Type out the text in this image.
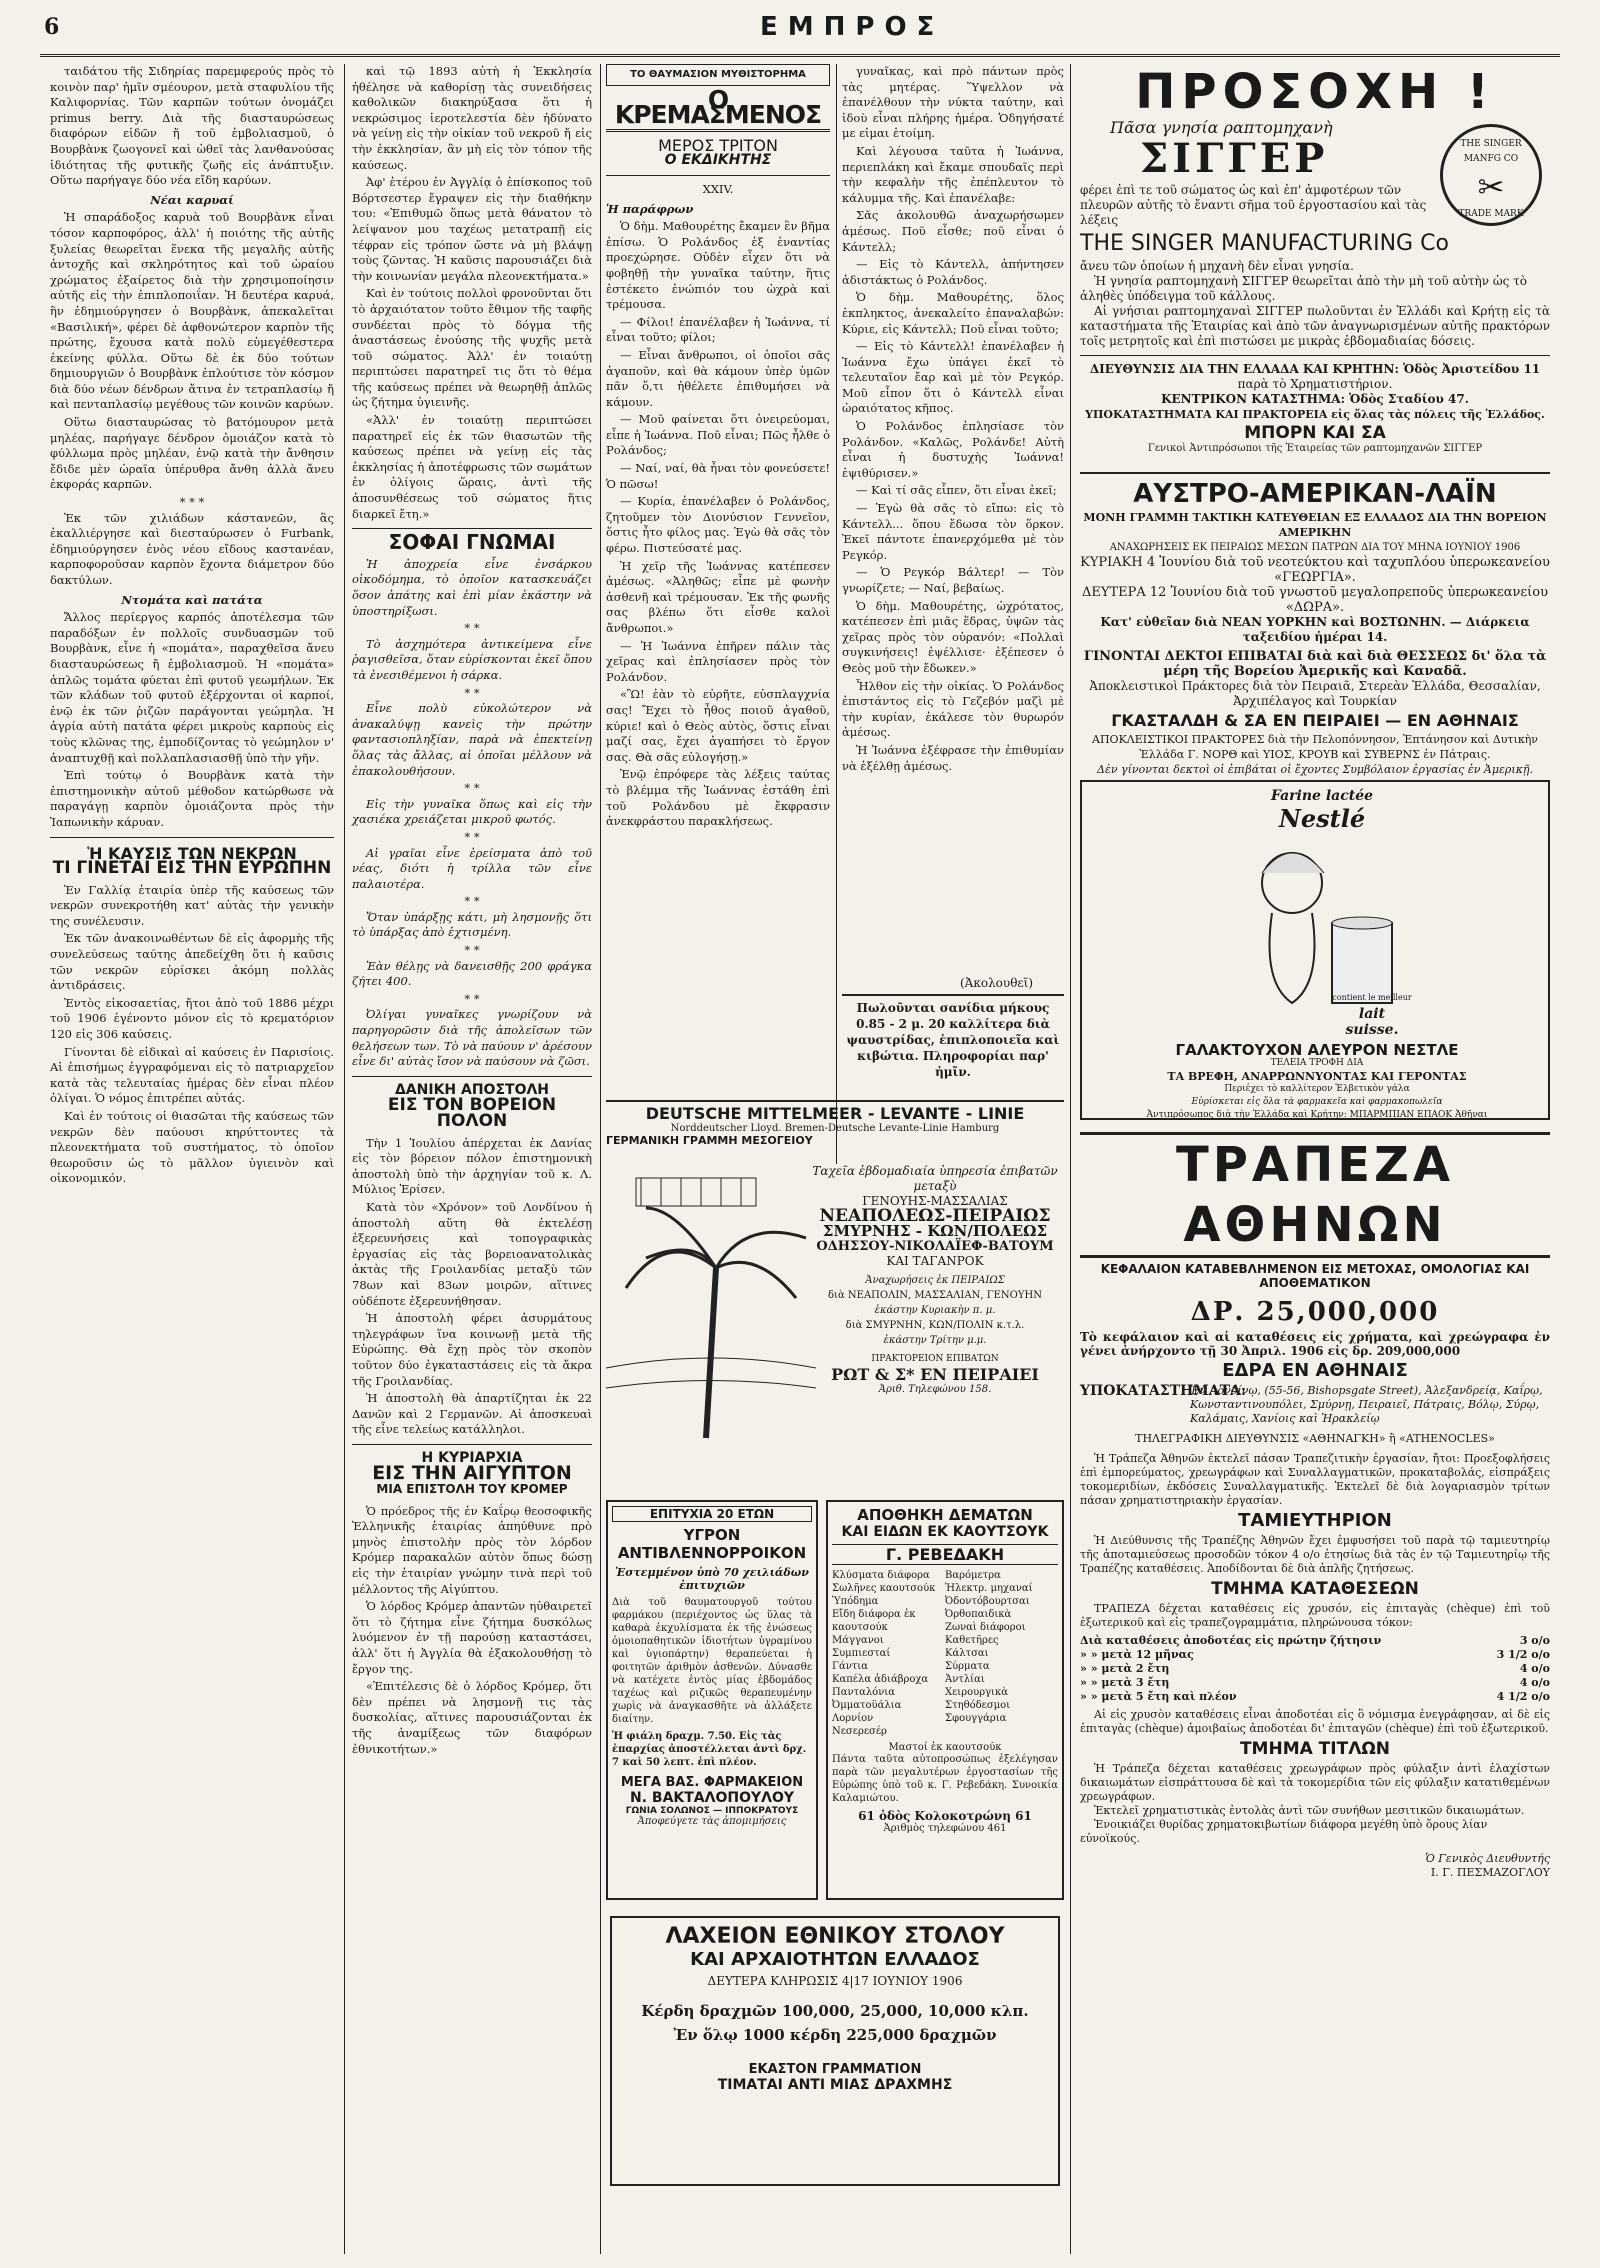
6	ΕΜΠΡΟΣ

ταιδάτου τῆς Σιδηρίας παρεμφερούς πρὸς τὸ κοινὸν παρ' ἡμῖν σμέουρον, μετὰ σταφυλίου τῆς Καλιφορνίας. Τῶν καρπῶν τούτων ὀνομάζει primus berry. Διὰ τῆς διασταυρώσεως διαφόρων εἰδῶν ἤ τοῦ ἐμβολιασμοῦ, ὁ Βουρβὰνκ ζωογονεῖ καὶ ὠθεῖ τὰς λανθανούσας ἰδιότητας τῆς φυτικῆς ζωῆς εἰς ἀνάπτυξιν. Οὕτω παρήγαγε δύο νέα εἴδη καρύων.

Νέαι καρυαί

Ἡ σπαράδοξος καρυὰ τοῦ Βουρβὰνκ εἶναι τόσον καρποφόρος, ἀλλ' ἡ ποιότης τῆς αὐτῆς ξυλείας θεωρεῖται ἕνεκα τῆς μεγαλῆς αὐτῆς ἀντοχῆς καὶ σκληρότητος καὶ τοῦ ὡραίου χρώματος ἐξαίρετος διὰ τὴν χρησιμοποίησιν αὐτῆς εἰς τὴν ἐπιπλοποιΐαν. Ἡ δευτέρα καρυά, ἣν ἐδημιούργησεν ὁ Βουρβὰνκ, ἀπεκαλεῖται «Βασιλική», φέρει δὲ ἀφθονώτερον καρπὸν τῆς πρώτης, ἔχουσα κατὰ πολὺ εὐμεγέθεστερα ἐκείνης φύλλα. Οὕτω δὲ ἐκ δύο τούτων δημιουργιῶν ὁ Βουρβὰνκ ἐπλούτισε τὸν κόσμον διὰ δύο νέων δένδρων ἄτινα ἐν τετραπλασίῳ ἤ καὶ πενταπλασίῳ μεγέθους τῶν κοινῶν καρύων.

Οὕτω διασταυρώσας τὸ βατόμουρον μετὰ μηλέας, παρήγαγε δένδρον ὁμοιάζον κατὰ τὸ φύλλωμα πρὸς μηλέαν, ἐνῷ κατὰ τὴν ἄνθησιν ἔδιδε μὲν ὡραῖα ὑπέρυθρα ἄνθη ἀλλὰ ἄνευ ἐκφοράς καρπῶν.

* * *

Ἐκ τῶν χιλιάδων κάστανεῶν, ἃς ἐκαλλιέργησε καὶ διεσταύρωσεν ὁ Furbank, ἐδημιούργησεν ἑνὸς νέου εἴδους καστανέαν, καρποφοροῦσαν καρπὸν ἔχοντα διάμετρον δύο δακτύλων.

Ντομάτα καὶ πατάτα

Ἄλλος περίεργος καρπός ἀποτέλεσμα τῶν παραδόξων ἐν πολλοῖς συνδυασμῶν τοῦ Βουρβὰνκ, εἶνε ἡ «πομάτα», παραχθεῖσα ἄνευ διασταυρώσεως ἤ ἐμβολιασμοῦ. Ἡ «πομάτα» ἁπλῶς τομάτα φύεται ἐπὶ φυτοῦ γεωμήλων. Ἐκ τῶν κλάδων τοῦ φυτοῦ ἐξέρχονται οἱ καρποί, ἐνῷ ἐκ τῶν ῥιζῶν παράγονται γεώμηλα. Ἡ ἀγρία αὐτὴ πατάτα φέρει μικροὺς καρποὺς εἰς τοὺς κλῶνας της, ἐμποδίζοντας τὸ γεώμηλον ν' ἀναπτυχθῇ καὶ πολλαπλασιασθῇ ὑπὸ τὴν γῆν.

Ἐπὶ τούτῳ ὁ Βουρβὰνκ κατὰ τὴν ἐπιστημονικὴν αὐτοῦ μέθοδον κατώρθωσε νὰ παραγάγῃ καρπὸν ὁμοιάζοντα πρὸς τὴν Ἰαπωνικὴν κάρυαν.

Ἡ ΚΑΥΣΙΣ ΤΩΝ ΝΕΚΡΩΝ
ΤΙ ΓΙΝΕΤΑΙ ΕΙΣ ΤΗΝ ΕΥΡΩΠΗΝ

Ἐν Γαλλίᾳ ἑταιρία ὑπὲρ τῆς καύσεως τῶν νεκρῶν συνεκροτήθη κατ' αὐτὰς τὴν γενικὴν της συνέλευσιν.

Ἐκ τῶν ἀνακοινωθέντων δὲ εἰς ἀφορμὴς τῆς συνελεύσεως ταύτης ἀπεδείχθη ὅτι ἡ καῦσις τῶν νεκρῶν εὑρίσκει ἀκόμη πολλὰς ἀντιδράσεις.

Ἐντὸς εἰκοσαετίας, ἤτοι ἀπὸ τοῦ 1886 μέχρι τοῦ 1906 ἐγένοντο μόνον εἰς τὸ κρεματόριον 120 εἰς 306 καύσεις.

Γίνονται δὲ εἰδικαὶ αἱ καύσεις ἐν Παρισίοις. Αἱ ἐπισήμως ἐγγραφόμεναι εἰς τὸ πατριαρχεῖον κατὰ τὰς τελευταίας ἡμέρας δὲν εἶναι πλέον ὀλίγαι. Ὁ νόμος ἐπιτρέπει αὐτάς.

Καὶ ἐν τούτοις οἱ θιασῶται τῆς καύσεως τῶν νεκρῶν δὲν παύουσι κηρύττοντες τὰ πλεονεκτήματα τοῦ συστήματος, τὸ ὁποῖον θεωροῦσιν ὡς τὸ μᾶλλον ὑγιεινὸν καὶ οἰκονομικόν.

καὶ τῷ 1893 αὐτὴ ἡ Ἐκκλησία ἠθέλησε νὰ καθορίσῃ τὰς συνειδήσεις καθολικῶν διακηρύξασα ὅτι ἡ νεκρώσιμος ἱεροτελεστία δὲν ἠδύνατο νὰ γείνῃ εἰς τὴν οἰκίαν τοῦ νεκροῦ ἤ εἰς τὴν ἐκκλησίαν, ἂν μὴ εἰς τὸν τόπον τῆς καύσεως.

Ἀφ' ἑτέρου ἐν Ἀγγλίᾳ ὁ ἐπίσκοπος τοῦ Βόρτσεστερ ἔγραψεν εἰς τὴν διαθήκην του: «Ἐπιθυμῶ ὅπως μετὰ θάνατον τὸ λείψανον μου ταχέως μετατραπῇ εἰς τέφραν εἰς τρόπον ὥστε νὰ μὴ βλάψῃ τοὺς ζῶντας. Ἡ καῦσις παρουσιάζει διὰ τὴν κοινωνίαν μεγάλα πλεονεκτήματα.»

Καὶ ἐν τούτοις πολλοὶ φρονοῦνται ὅτι τὸ ἀρχαιότατον τοῦτο ἔθιμον τῆς ταφῆς συνδέεται πρὸς τὸ δόγμα τῆς ἀναστάσεως ἐνούσης τῆς ψυχῆς μετὰ τοῦ σώματος. Ἀλλ' ἐν τοιαύτῃ περιπτώσει παρατηρεῖ τις ὅτι τὸ θέμα τῆς καύσεως πρέπει νὰ θεωρηθῇ ἁπλῶς ὡς ζήτημα ὑγιεινῆς.

«Ἀλλ' ἐν τοιαύτῃ περιπτώσει παρατηρεῖ εἰς ἐκ τῶν θιασωτῶν τῆς καύσεως πρέπει νὰ γείνῃ εἰς τὰς ἐκκλησίας ἡ ἀποτέφρωσις τῶν σωμάτων ἐν ὀλίγοις ὥραις, ἀντὶ τῆς ἀποσυνθέσεως τοῦ σώματος ἥτις διαρκεῖ ἔτη.»

ΣΟΦΑΙ ΓΝΩΜΑΙ

Ἡ ἀποχρεία εἶνε ἐνσάρκου οἰκοδόμημα, τὸ ὁποῖον κατασκευάζει ὅσον ἀπάτης καὶ ἐπὶ μίαν ἑκάστην νὰ ὑποστηρίξωσι.

* *

Τὸ ἀσχημότερα ἀντικείμενα εἶνε ῥαγισθεῖσα, ὅταν εὑρίσκονται ἐκεῖ ὅπου τὰ ἐνεσιθέμενοι ἡ σάρκα.

* *

Εἶνε πολὺ εὐκολώτερον νὰ ἀνακαλύψῃ κανεὶς τὴν πρώτην φαντασιοπληξίαν, παρὰ νὰ ἐπεκτείνῃ ὅλας τὰς ἄλλας, αἱ ὁποῖαι μέλλουν νὰ ἐπακολουθήσουν.

* *

Εἰς τὴν γυναῖκα ὅπως καὶ εἰς τὴν χασιέκα χρειάζεται μικροῦ φωτός.

* *

Αἱ γραῖαι εἶνε ἐρείσματα ἀπὸ τοῦ νέας, διότι ἡ τρίλλα τῶν εἶνε παλαιοτέρα.

* *

Ὅταν ὑπάρξῃς κάτι, μὴ λησμονῇς ὅτι τὸ ὑπάρξας ἀπὸ ἐχτισμένη.

* *

Ἐὰν θέλῃς νὰ δανεισθῇς 200 φράγκα ζήτει 400.

* *

Ὀλίγαι γυναῖκες γνωρίζουν νὰ παρηγορῶσιν διὰ τῆς ἀπολεῖσων τῶν θελήσεων των. Τὸ νὰ παύουν ν' ἀρέσουν εἶνε δι' αὐτὰς ἴσον νὰ παύσουν νὰ ζῶσι.

ΔΑΝΙΚΗ ΑΠΟΣΤΟΛΗ
ΕΙΣ ΤΟΝ ΒΟΡΕΙΟΝ ΠΟΛΟΝ

Τὴν 1 Ἰουλίου ἀπέρχεται ἐκ Δανίας εἰς τὸν βόρειον πόλον ἐπιστημονικὴ ἀποστολὴ ὑπὸ τὴν ἀρχηγίαν τοῦ κ. Λ. Μύλιος Ἐρίσεν.

Κατὰ τὸν «Χρόνον» τοῦ Λονδίνου ἡ ἀποστολὴ αὕτη θὰ ἐκτελέσῃ ἐξερευνήσεις καὶ τοπογραφικὰς ἐργασίας εἰς τὰς βορειοανατολικὰς ἀκτὰς τῆς Γροιλανδίας μεταξὺ τῶν 78ων καὶ 83ων μοιρῶν, αἵτινες οὐδέποτε ἐξερευνήθησαν.

Ἡ ἀποστολὴ φέρει ἀσυρμάτους τηλεγράφων ἵνα κοινωνῇ μετὰ τῆς Εὐρώπης. Θὰ ἔχῃ πρὸς τὸν σκοπὸν τοῦτον δύο ἐγκαταστάσεις εἰς τὰ ἄκρα τῆς Γροιλανδίας.

Ἡ ἀποστολὴ θὰ ἀπαρτίζηται ἐκ 22 Δανῶν καὶ 2 Γερμανῶν. Αἱ ἀποσκευαὶ τῆς εἶνε τελείως κατάλληλοι.

Η ΚΥΡΙΑΡΧΙΑ
ΕΙΣ ΤΗΝ ΑΙΓΥΠΤΟΝ
ΜΙΑ ΕΠΙΣΤΟΛΗ ΤΟΥ ΚΡΟΜΕΡ

Ὁ πρόεδρος τῆς ἐν Καΐρῳ θεοσοφικῆς Ἑλληνικῆς ἑταιρίας ἀπηύθυνε πρὸ μηνὸς ἐπιστολὴν πρὸς τὸν λόρδον Κρόμερ παρακαλῶν αὐτὸν ὅπως δώσῃ εἰς τὴν ἑταιρίαν γνώμην τινὰ περὶ τοῦ μέλλοντος τῆς Αἰγύπτου.

Ὁ λόρδος Κρόμερ ἀπαντῶν ηὐθαιρετεῖ ὅτι τὸ ζήτημα εἶνε ζήτημα δυσκόλως λυόμενον ἐν τῇ παρούσῃ καταστάσει, ἀλλ' ὅτι ἡ Ἀγγλία θὰ ἐξακολουθήσῃ τὸ ἔργον της.

«Ἐπιτέλεσις δὲ ὁ λόρδος Κρόμερ, ὅτι δὲν πρέπει νὰ λησμονῇ τις τὰς δυσκολίας, αἵτινες παρουσιάζονται ἐκ τῆς ἀναμίξεως τῶν διαφόρων ἐθνικοτήτων.»

ΤΟ ΘΑΥΜΑΣΙΟΝ ΜΥΘΙΣΤΟΡΗΜΑ
Ο ΚΡΕΜΑΣΜΕΝΟΣ
ΜΕΡΟΣ ΤΡΙΤΟΝ
Ο ΕΚΔΙΚΗΤΗΣ
XXIV.
Ἡ παράφρων

Ὁ δὴμ. Μαθουρέτης ἔκαμεν ἓν βῆμα ἐπίσω. Ὁ Ρολάνδος ἐξ ἐναντίας προεχώρησε. Οὐδὲν εἶχεν ὅτι νὰ φοβηθῇ τὴν γυναῖκα ταύτην, ἥτις ἐστέκετο ἐνώπιόν του ὠχρὰ καὶ τρέμουσα.

— Φίλοι! ἐπανέλαβεν ἡ Ἰωάννα, τί εἶναι τοῦτο; φίλοι;

— Εἶναι ἄνθρωποι, οἱ ὁποῖοι σᾶς ἀγαποῦν, καὶ θὰ κάμουν ὑπὲρ ὑμῶν πᾶν ὅ,τι ἠθέλετε ἐπιθυμήσει νὰ κάμουν.

— Μοῦ φαίνεται ὅτι ὀνειρεύομαι, εἶπε ἡ Ἰωάννα. Ποῦ εἶναι; Πῶς ἦλθε ὁ Ρολάνδος;

— Ναί, ναί, θὰ ἦναι τὸν φονεύσετε! Ὁ πῶσω!

— Κυρία, ἐπανέλαβεν ὁ Ρολάνδος, ζητοῦμεν τὸν Διονύσιον Γεννεῖον, ὅστις ἦτο φίλος μας. Ἐγὼ θὰ σᾶς τὸν φέρω. Πιστεύσατέ μας.

Ἡ χεῖρ τῆς Ἰωάννας κατέπεσεν ἀμέσως. «Ἀληθῶς; εἶπε μὲ φωνὴν ἀσθενῆ καὶ τρέμουσαν. Ἐκ τῆς φωνῆς σας βλέπω ὅτι εἶσθε καλοὶ ἄνθρωποι.»

— Ἡ Ἰωάννα ἐπῆρεν πάλιν τὰς χεῖρας καὶ ἐπλησίασεν πρὸς τὸν Ρολάνδον.

«Ὢ! ἐὰν τὸ εὑρῆτε, εὐσπλαγχνία σας! Ἔχει τὸ ἦθος ποιοῦ ἀγαθοῦ, κύριε! καὶ ὁ Θεὸς αὐτὸς, ὅστις εἶναι μαζί σας, ἔχει ἀγαπήσει τὸ ἔργον σας. Θὰ σᾶς εὐλογήσῃ.»

Ἐνῷ ἐπρόφερε τὰς λέξεις ταύτας τὸ βλέμμα τῆς Ἰωάννας ἐστάθη ἐπὶ τοῦ Ρολάνδου μὲ ἔκφρασιν ἀνεκφράστου παρακλήσεως.

γυναῖκας, καὶ πρὸ πάντων πρὸς τὰς μητέρας. Ὕψελλον νὰ ἐπανέλθουν τὴν νύκτα ταύτην, καὶ ἰδοὺ εἶναι πλήρης ἡμέρα. Ὁδηγήσατέ με εἰμαι ἑτοίμη.

Καὶ λέγουσα ταῦτα ἡ Ἰωάννα, περιεπλάκη καὶ ἔκαμε σπουδαῖς περὶ τὴν κεφαλὴν τῆς ἐπέπλευτον τὸ κάλυμμα τῆς. Καὶ ἐπανέλαβε:

Σᾶς ἀκολουθῶ ἀναχωρήσωμεν ἀμέσως. Ποῦ εἶσθε; ποῦ εἶναι ὁ Κάντελλ;

— Εἰς τὸ Κάντελλ, ἀπήντησεν ἀδιστάκτως ὁ Ρολάνδος.

Ὁ δὴμ. Μαθουρέτης, ὅλος ἐκπληκτος, ἀνεκαλείτο ἐπαναλαβών: Κύριε, εἰς Κάντελλ; Ποῦ εἶναι τοῦτο;

— Εἰς τὸ Κάντελλ! ἐπανέλαβεν ἡ Ἰωάννα ἔχω ὑπάγει ἐκεῖ τὸ τελευταῖον ἔαρ καὶ μὲ τὸν Ρεγκόρ. Μοῦ εἶπον ὅτι ὁ Κάντελλ εἶναι ὡραιότατος κῆπος.

Ὁ Ρολάνδος ἐπλησίασε τὸν Ρολάνδον. «Καλῶς, Ρολάνδε! Αὐτὴ εἶναι ἡ δυστυχὴς Ἰωάννα! ἐψιθύρισεν.»

— Καὶ τί σᾶς εἶπεν, ὅτι εἶναι ἐκεῖ;

— Ἐγὼ θὰ σᾶς τὸ εἴπω: εἰς τὸ Κάντελλ... ὅπου ἔδωσα τὸν ὅρκον. Ἐκεῖ πάντοτε ἐπανερχόμεθα μὲ τὸν Ρεγκόρ.

— Ὁ Ρεγκόρ Βάλτερ! — Τὸν γνωρίζετε; — Ναί, βεβαίως.

Ὁ δὴμ. Μαθουρέτης, ὠχρότατος, κατέπεσεν ἐπὶ μιᾶς ἕδρας, ὑψῶν τὰς χεῖρας πρὸς τὸν οὐρανόν: «Πολλαὶ συγκινήσεις! ἐψέλλισε· ἐξέπεσεν ὁ Θεὸς μοῦ τὴν ἔδωκεν.»

Ἦλθον εἰς τὴν οἰκίας. Ὁ Ρολάνδος ἐπιστάντος εἰς τὸ Γεζεβόν μαζὶ μὲ τὴν κυρίαν, ἐκάλεσε τὸν θυρωρόν ἀμέσως.

Ἡ Ἰωάννα ἐξέφρασε τὴν ἐπιθυμίαν νὰ ἐξέλθῃ ἀμέσως.

(Ἀκολουθεῖ)
Πωλοῦνται σανίδια μήκους 0.85 - 2 μ. 20 καλλίτερα διὰ ψαυστρίδας, ἐπιπλοποιεῖα καὶ κιβώτια. Πληροφορίαι παρ' ἡμῖν.
DEUTSCHE MITTELMEER - LEVANTE - LINIE
Norddeutscher Lloyd. Bremen-Deutsche Levante-Linie Hamburg
ΓΕΡΜΑΝΙΚΗ ΓΡΑΜΜΗ ΜΕΣΟΓΕΙΟΥ
Ταχεῖα ἑβδομαδιαία ὑπηρεσία ἐπιβατῶν μεταξὺ
ΓΕΝΟΥΗΣ-ΜΑΣΣΑΛΙΑΣ
ΝΕΑΠΟΛΕΩΣ-ΠΕΙΡΑΙΩΣ
ΣΜΥΡΝΗΣ - ΚΩΝ/ΠΟΛΕΩΣ
ΟΔΗΣΣΟΥ-ΝΙΚΟΛΑΪΕΦ-ΒΑΤΟΥΜ
ΚΑΙ ΤΑΓΑΝΡΟΚ
Ἀναχωρήσεις ἐκ ΠΕΙΡΑΙΩΣ
διὰ ΝΕΑΠΟΛΙΝ, ΜΑΣΣΑΛΙΑΝ, ΓΕΝΟΥΗΝ
ἑκάστην Κυριακὴν π. μ.
διὰ ΣΜΥΡΝΗΝ, ΚΩΝ/ΠΟΛΙΝ κ.τ.λ.
ἑκάστην Τρίτην μ.μ.
ΠΡΑΚΤΟΡΕΙΟΝ ΕΠΙΒΑΤΩΝ
ΡΩΤ & Σ* ΕΝ ΠΕΙΡΑΙΕΙ
Ἀριθ. Τηλεφώνου 158.
ΕΠΙΤΥΧΙΑ 20 ΕΤΩΝ
ΥΓΡΟΝ ΑΝΤΙΒΛΕΝΝΟΡΡΟΙΚΟΝ
Ἐστεμμένον ὑπὸ 70 χειλιάδων ἐπιτυχιῶν
Διὰ τοῦ θαυματουργοῦ τούτου φαρμάκου (περιέχοντος ὡς ὕλας τὰ καθαρὰ ἐκχυλίσματα ἐκ τῆς ἐνώσεως ὁμοιοπαθητικῶν ἰδιοτήτων ὑγραμίνου καὶ ὑγιοπάρτην) θεραπεύεται ἡ φοιτητῶν ἀριθμὸν ἀσθενῶν. Δύνασθε νὰ κατέχετε ἐντὸς μίας ἑβδομάδος ταχέως καὶ ριζικῶς θεραπευμένην χωρὶς νὰ ἀναγκασθῆτε νὰ ἀλλάξετε διαίτην.
Ἡ φιάλη δραχμ. 7.50. Εἰς τὰς ἐπαρχίας ἀποστέλλεται ἀντὶ δρχ. 7 καὶ 50 λεπτ. ἐπὶ πλέον.
ΜΕΓΑ ΒΑΣ. ΦΑΡΜΑΚΕΙΟΝ
Ν. ΒΑΚΤΑΛΟΠΟΥΛΟΥ
ΓΩΝΙΑ ΣΟΛΩΝΟΣ — ΙΠΠΟΚΡΑΤΟΥΣ
Ἀποφεύγετε τὰς ἀπομιμήσεις
ΑΠΟΘΗΚΗ ΔΕΜΑΤΩΝ
ΚΑΙ ΕΙΔΩΝ ΕΚ ΚΑΟΥΤΣΟΥΚ
Γ. ΡΕΒΕΔΑΚΗ
Κλύσματα διάφορα
Σωλῆνες καουτσούκ
Ὑπόδημα
Εἴδη διάφορα ἐκ καουτσούκ
Μάγγανοι
Συμπιεσταί
Γάντια
Καπέλα ἀδιάβροχα
Πανταλόνια
Ὀμματοϋάλια
Λορνίον
Νεσερεσέρ
Βαρόμετρα
Ἠλεκτρ. μηχαναί
Ὀδοντόβουρτσαι
Ὀρθοπαιδικὰ
Ζωναὶ διάφοροι
Καθετῆρες
Κάλτσαι
Σύρματα
Ἀντλίαι
Χειρουργικὰ
Στηθόδεσμοι
Σφουγγάρια
Μαστοί ἐκ καουτσούκ
Πάντα ταῦτα αὐτοπροσώπως ἐξελέγησαν παρὰ τῶν μεγαλυτέρων ἐργοστασίων τῆς Εὐρώπης ὑπὸ τοῦ κ. Γ. Ρεβεδάκη. Συνοικία Καλαμιώτου.
61 ὁδὸς Κολοκοτρώνη 61
Ἀριθμὸς τηλεφώνου 461
ΛΑΧΕΙΟΝ ΕΘΝΙΚΟΥ ΣΤΟΛΟΥ
ΚΑΙ ΑΡΧΑΙΟΤΗΤΩΝ ΕΛΛΑΔΟΣ
ΔΕΥΤΕΡΑ ΚΛΗΡΩΣΙΣ 4|17 ΙΟΥΝΙΟΥ 1906
Κέρδη δραχμῶν 100,000, 25,000, 10,000 κλπ.
Ἐν ὅλῳ 1000 κέρδη 225,000 δραχμῶν
ΕΚΑΣΤΟΝ ΓΡΑΜΜΑΤΙΟΝ
ΤΙΜΑΤΑΙ ΑΝΤΙ ΜΙΑΣ ΔΡΑΧΜΗΣ
ΠΡΟΣΟΧΗ !
THE SINGER MANFG CO
✂
TRADE MARK
Πᾶσα γνησία ραπτομηχανὴ
ΣΙΓΓΕΡ
φέρει ἐπὶ τε τοῦ σώματος ὡς καὶ ἐπ' ἀμφοτέρων τῶν πλευρῶν αὐτῆς τὸ ἔναντι σῆμα τοῦ ἐργοστασίου καὶ τὰς λέξεις
THE SINGER MANUFACTURING Co
ἄνευ τῶν ὁποίων ἡ μηχανὴ δὲν εἶναι γνησία.
Ἡ γνησία ραπτομηχανὴ ΣΙΓΓΕΡ θεωρεῖται ἀπὸ τὴν μὴ τοῦ αὐτὴν ὡς τὸ ἀληθὲς ὑπόδειγμα τοῦ κάλλους.
Αἱ γνήσιαι ραπτομηχαναὶ ΣΙΓΓΕΡ πωλοῦνται ἐν Ἑλλάδι καὶ Κρήτῃ εἰς τὰ καταστήματα τῆς Ἑταιρίας καὶ ἀπὸ τῶν ἀναγνωρισμένων αὐτῆς πρακτόρων τοῖς μετρητοῖς καὶ ἐπὶ πιστώσει με μικρὰς ἑβδομαδιαίας δόσεις.
ΔΙΕΥΘΥΝΣΙΣ ΔΙΑ ΤΗΝ ΕΛΛΑΔΑ ΚΑΙ ΚΡΗΤΗΝ: Ὁδὸς Ἀριστείδου 11
παρὰ τὸ Χρηματιστήριον.
ΚΕΝΤΡΙΚΟΝ ΚΑΤΑΣΤΗΜΑ: Ὁδὸς Σταδίου 47.
ΥΠΟΚΑΤΑΣΤΗΜΑΤΑ ΚΑΙ ΠΡΑΚΤΟΡΕΙΑ εἰς ὅλας τὰς πόλεις τῆς Ἑλλάδος.
ΜΠΟΡΝ ΚΑΙ ΣΑ
Γενικοὶ Ἀντιπρόσωποι τῆς Ἑταιρείας τῶν ραπτομηχανῶν ΣΙΓΓΕΡ
ΑΥΣΤΡΟ-ΑΜΕΡΙΚΑΝ-ΛΑΪΝ
ΜΟΝΗ ΓΡΑΜΜΗ ΤΑΚΤΙΚΗ ΚΑΤΕΥΘΕΙΑΝ ΕΞ ΕΛΛΑΔΟΣ ΔΙΑ ΤΗΝ ΒΟΡΕΙΟΝ ΑΜΕΡΙΚΗΝ
ΑΝΑΧΩΡΗΣΕΙΣ ΕΚ ΠΕΙΡΑΙΩΣ ΜΕΣΩΝ ΠΑΤΡΩΝ ΔΙΑ ΤΟΥ ΜΗΝΑ ΙΟΥΝΙΟΥ 1906
ΚΥΡΙΑΚΗ 4 Ἰουνίου διὰ τοῦ νεοτεύκτου καὶ ταχυπλόου ὑπερωκεανείου «ΓΕΩΡΓΙΑ».
ΔΕΥΤΕΡΑ 12 Ἰουνίου διὰ τοῦ γνωστοῦ μεγαλοπρεποῦς ὑπερωκεανείου «ΔΩΡΑ».
Κατ' εὐθεῖαν διὰ ΝΕΑΝ ΥΟΡΚΗΝ καὶ ΒΟΣΤΩΝΗΝ. — Διάρκεια ταξειδίου ἡμέραι 14.
ΓΙΝΟΝΤΑΙ ΔΕΚΤΟΙ ΕΠΙΒΑΤΑΙ διὰ καὶ διὰ ΘΕΣΣΕΩΣ δι' ὅλα τὰ μέρη τῆς Βορείου Ἀμερικῆς καὶ Καναδᾶ.
Ἀποκλειστικοὶ Πράκτορες διὰ τὸν Πειραιᾶ, Στερεὰν Ἑλλάδα, Θεσσαλίαν, Ἀρχιπέλαγος καὶ Τουρκίαν
ΓΚΑΣΤΑΛΔΗ & ΣΑ ΕΝ ΠΕΙΡΑΙΕΙ — ΕΝ ΑΘΗΝΑΙΣ
ΑΠΟΚΛΕΙΣΤΙΚΟΙ ΠΡΑΚΤΟΡΕΣ διὰ τὴν Πελοπόννησον, Ἑπτάνησον καὶ Δυτικὴν Ἑλλάδα Γ. ΝΟΡΘ καὶ ΥΙΟΣ, ΚΡΟΥΒ καὶ ΣΥΒΕΡΝΣ ἐν Πάτραις.
Δὲν γίνονται δεκτοὶ οἱ ἐπιβάται οἱ ἔχοντες Συμβόλαιον ἐργασίας ἐν Ἀμερικῇ.
Farine lactée
Nestlé
contient le meilleur
lait suisse.
ΓΑΛΑΚΤΟΥΧΟΝ ΑΛΕΥΡΟΝ ΝΕΣΤΛΕ
ΤΕΛΕΙΑ ΤΡΟΦΗ ΔΙΑ
ΤΑ ΒΡΕΦΗ, ΑΝΑΡΡΩΝΝΥΟΝΤΑΣ ΚΑΙ ΓΕΡΟΝΤΑΣ
Περιέχει τὸ καλλίτερον Ἑλβετικὸν γάλα
Εὑρίσκεται εἰς ὅλα τὰ φαρμακεῖα καὶ φαρμακοπωλεῖα
Ἀντιπρόσωπος διὰ τὴν Ἑλλάδα καὶ Κρήτην: ΜΠΑΡΜΠΙΑΝ ΕΠΑΟΚ Ἀθῆναι
ΤΡΑΠΕΖΑ ΑΘΗΝΩΝ
ΚΕΦΑΛΑΙΟΝ ΚΑΤΑΒΕΒΛΗΜΕΝΟΝ ΕΙΣ ΜΕΤΟΧΑΣ, ΟΜΟΛΟΓΙΑΣ ΚΑΙ ΑΠΟΘΕΜΑΤΙΚΟΝ
ΔΡ. 25,000,000
Τὸ κεφάλαιον καὶ αἱ καταθέσεις εἰς χρήματα, καὶ χρεώγραφα ἐν γένει ἀνήρχοντο τῇ 30 Ἀπριλ. 1906 εἰς δρ. 209,000,000
ΕΔΡΑ ΕΝ ΑΘΗΝΑΙΣ
ΥΠΟΚΑΤΑΣΤΗΜΑΤΑ:
Ἐν Λονδίνῳ, (55-56, Bishopsgate Street), Ἀλεξανδρείᾳ, Καΐρῳ, Κωνσταντινουπόλει, Σμύρνῃ, Πειραιεῖ, Πάτραις, Βόλῳ, Σύρῳ, Καλάμαις, Χανίοις καὶ Ἡρακλείῳ
ΤΗΛΕΓΡΑΦΙΚΗ ΔΙΕΥΘΥΝΣΙΣ «ΑΘΗΝΑΓΚΗ» ἢ «ATHENOCLES»
Ἡ Τράπεζα Ἀθηνῶν ἐκτελεῖ πάσαν Τραπεζιτικὴν ἐργασίαν, ἤτοι: Προεξοφλήσεις ἐπὶ ἐμπορεύματος, χρεωγράφων καὶ Συναλλαγματικῶν, προκαταβολάς, εἰσπράξεις τοκομεριδίων, ἐκδόσεις Συναλλαγματικῆς. Ἐκτελεῖ δὲ διὰ λογαριασμὸν τρίτων πάσαν χρηματιστηριακὴν ἐργασίαν.
ΤΑΜΙΕΥΤΗΡΙΟΝ
Ἡ Διεύθυνσις τῆς Τραπέζης Ἀθηνῶν ἔχει ἐμφυσήσει τοῦ παρὰ τῷ ταμιευτηρίῳ τῆς ἀποταμιεύσεως προσοδῶν τόκον 4 ο/ο ἐτησίως διὰ τὰς ἐν τῷ Ταμιευτηρίῳ τῆς Τραπέζης καταθέσεις. Ἀποδίδονται δὲ διὰ ἀπλῆς ζητήσεως.
ΤΜΗΜΑ ΚΑΤΑΘΕΣΕΩΝ
ΤΡΑΠΕΖΑ δέχεται καταθέσεις εἰς χρυσόν, εἰς ἐπιταγὰς (chèque) ἐπὶ τοῦ ἐξωτερικοῦ καὶ εἰς τραπεζογραμμάτια, πληρώνουσα τόκον:
Διὰ καταθέσεις ἀποδοτέας εἰς πρώτην ζήτησιν	3 ο/ο
» » μετὰ 12 μῆνας	3 1/2 ο/ο
» » μετὰ 2 ἔτη	4 ο/ο
» » μετὰ 3 ἔτη	4 ο/ο
» » μετὰ 5 ἔτη καὶ πλέον	4 1/2 ο/ο
Αἱ εἰς χρυσὸν καταθέσεις εἶναι ἀποδοτέαι εἰς ὃ νόμισμα ἐνεγράφησαν, αἱ δὲ εἰς ἐπιταγὰς (chèque) ἀμοιβαίως ἀποδοτέαι δι' ἐπιταγῶν (chèque) ἐπὶ τοῦ ἐξωτερικοῦ.
ΤΜΗΜΑ ΤΙΤΛΩΝ
Ἡ Τράπεζα δέχεται καταθέσεις χρεωγράφων πρὸς φύλαξιν ἀντὶ ἐλαχίστων δικαιωμάτων εἰσπράττουσα δὲ καὶ τὰ τοκομερίδια τῶν εἰς φύλαξιν κατατιθεμένων χρεωγράφων.
Ἐκτελεῖ χρηματιστικὰς ἐντολὰς ἀντὶ τῶν συνήθων μεσιτικῶν δικαιωμάτων.
Ἐνοικιάζει θυρίδας χρηματοκιβωτίων διάφορα μεγέθη ὑπὸ ὅρους λίαν εὐνοϊκούς.
Ὁ Γενικὸς Διευθυντής
Ι. Γ. ΠΕΣΜΑΖΟΓΛΟΥ
